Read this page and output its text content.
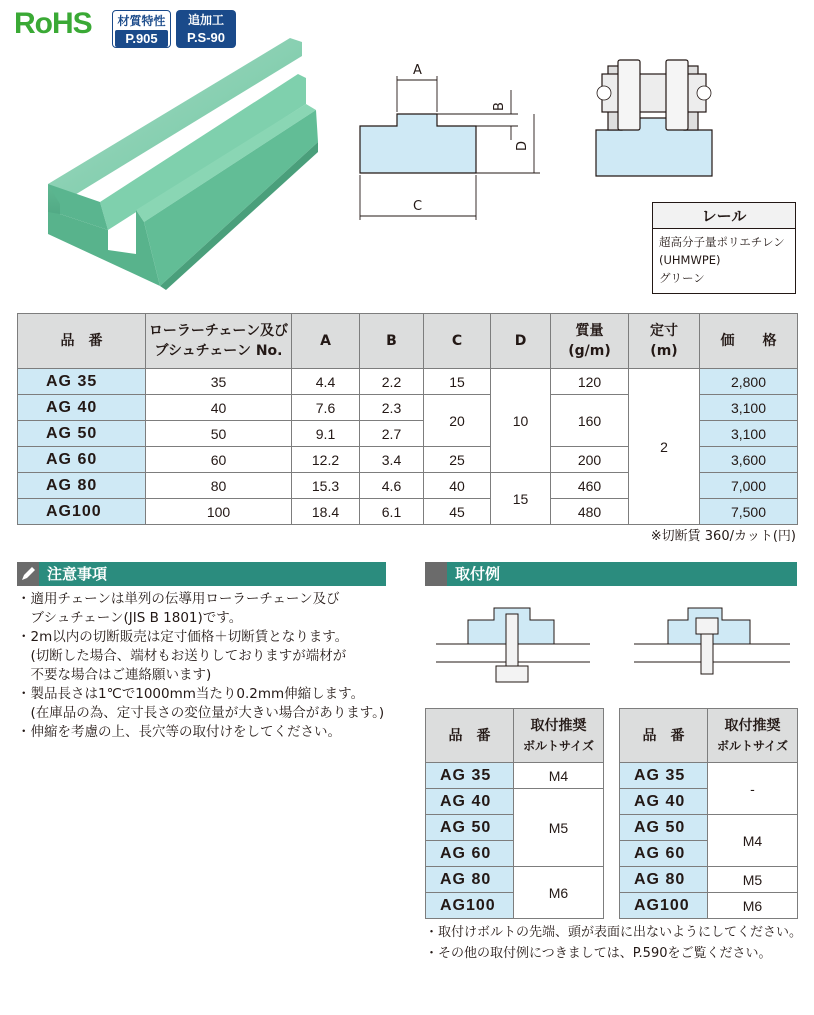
RoHS	材質特性
P.905
追加工
P.S-90
A
B
D
C
レール
超高分子量ポリエチレン
(UHMWPE)
グリーン
品　番	ローラーチェーン及び
ブシュチェーン No.	A	B	C	D	質量
(g/m)	定寸
(m)	価　　格
AG 35	35	4.4	2.2	15	10	120	2	2,800
AG 40	40	7.6	2.3	20		160		3,100
AG 50	50	9.1	2.7					3,100
AG 60	60	12.2	3.4	25		200		3,600
AG 80	80	15.3	4.6	40	15	460		7,000
AG100	100	18.4	6.1	45		480		7,500
※切断賃 360/カット(円)
注意事項

・適用チェーンは単列の伝導用ローラーチェーン及び

　ブシュチェーン(JIS B 1801)です。

・2m以内の切断販売は定寸価格＋切断賃となります。

　(切断した場合、端材もお送りしておりますが端材が

　不要な場合はご連絡願います)

・製品長さは1℃で1000mm当たり0.2mm伸縮します。

　(在庫品の為、定寸長さの変位量が大きい場合があります。)

・伸縮を考慮の上、長穴等の取付けをしてください。

取付例
品　番	取付推奨
ボルトサイズ
AG 35	M4
AG 40	M5
AG 50	
AG 60	
AG 80	M6
AG100	
品　番	取付推奨
ボルトサイズ
AG 35	-
AG 40	
AG 50	M4
AG 60	
AG 80	M5
AG100	M6
・取付けボルトの先端、頭が表面に出ないようにしてください。
・その他の取付例につきましては、P.590をご覧ください。
